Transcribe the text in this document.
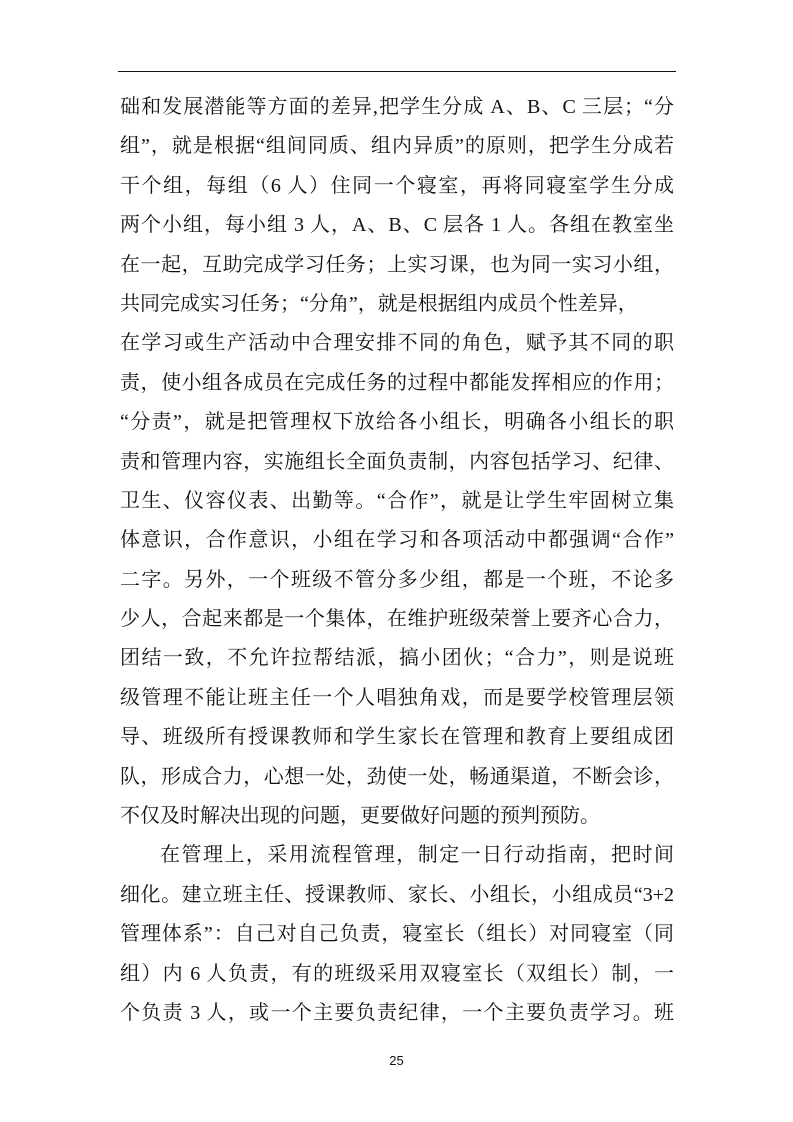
础和发展潜能等方面的差异,把学生分成 A、B、C 三层；“分
组”，就是根据“组间同质、组内异质”的原则，把学生分成若
干个组，每组（6 人）住同一个寝室，再将同寝室学生分成
两个小组，每小组 3 人，A、B、C 层各 1 人。各组在教室坐
在一起，互助完成学习任务；上实习课，也为同一实习小组，
共同完成实习任务；“分角”，就是根据组内成员个性差异，
在学习或生产活动中合理安排不同的角色，赋予其不同的职
责，使小组各成员在完成任务的过程中都能发挥相应的作用；
“分责”，就是把管理权下放给各小组长，明确各小组长的职
责和管理内容，实施组长全面负责制，内容包括学习、纪律、
卫生、仪容仪表、出勤等。“合作”，就是让学生牢固树立集
体意识，合作意识，小组在学习和各项活动中都强调“合作”
二字。另外，一个班级不管分多少组，都是一个班，不论多
少人，合起来都是一个集体，在维护班级荣誉上要齐心合力，
团结一致，不允许拉帮结派，搞小团伙；“合力”，则是说班
级管理不能让班主任一个人唱独角戏，而是要学校管理层领
导、班级所有授课教师和学生家长在管理和教育上要组成团
队，形成合力，心想一处，劲使一处，畅通渠道，不断会诊，
不仅及时解决出现的问题，更要做好问题的预判预防。
在管理上，采用流程管理，制定一日行动指南，把时间
细化。建立班主任、授课教师、家长、小组长，小组成员“3+2
管理体系”：自己对自己负责，寝室长（组长）对同寝室（同
组）内 6 人负责，有的班级采用双寝室长（双组长）制，一
个负责 3 人，或一个主要负责纪律，一个主要负责学习。班
25
